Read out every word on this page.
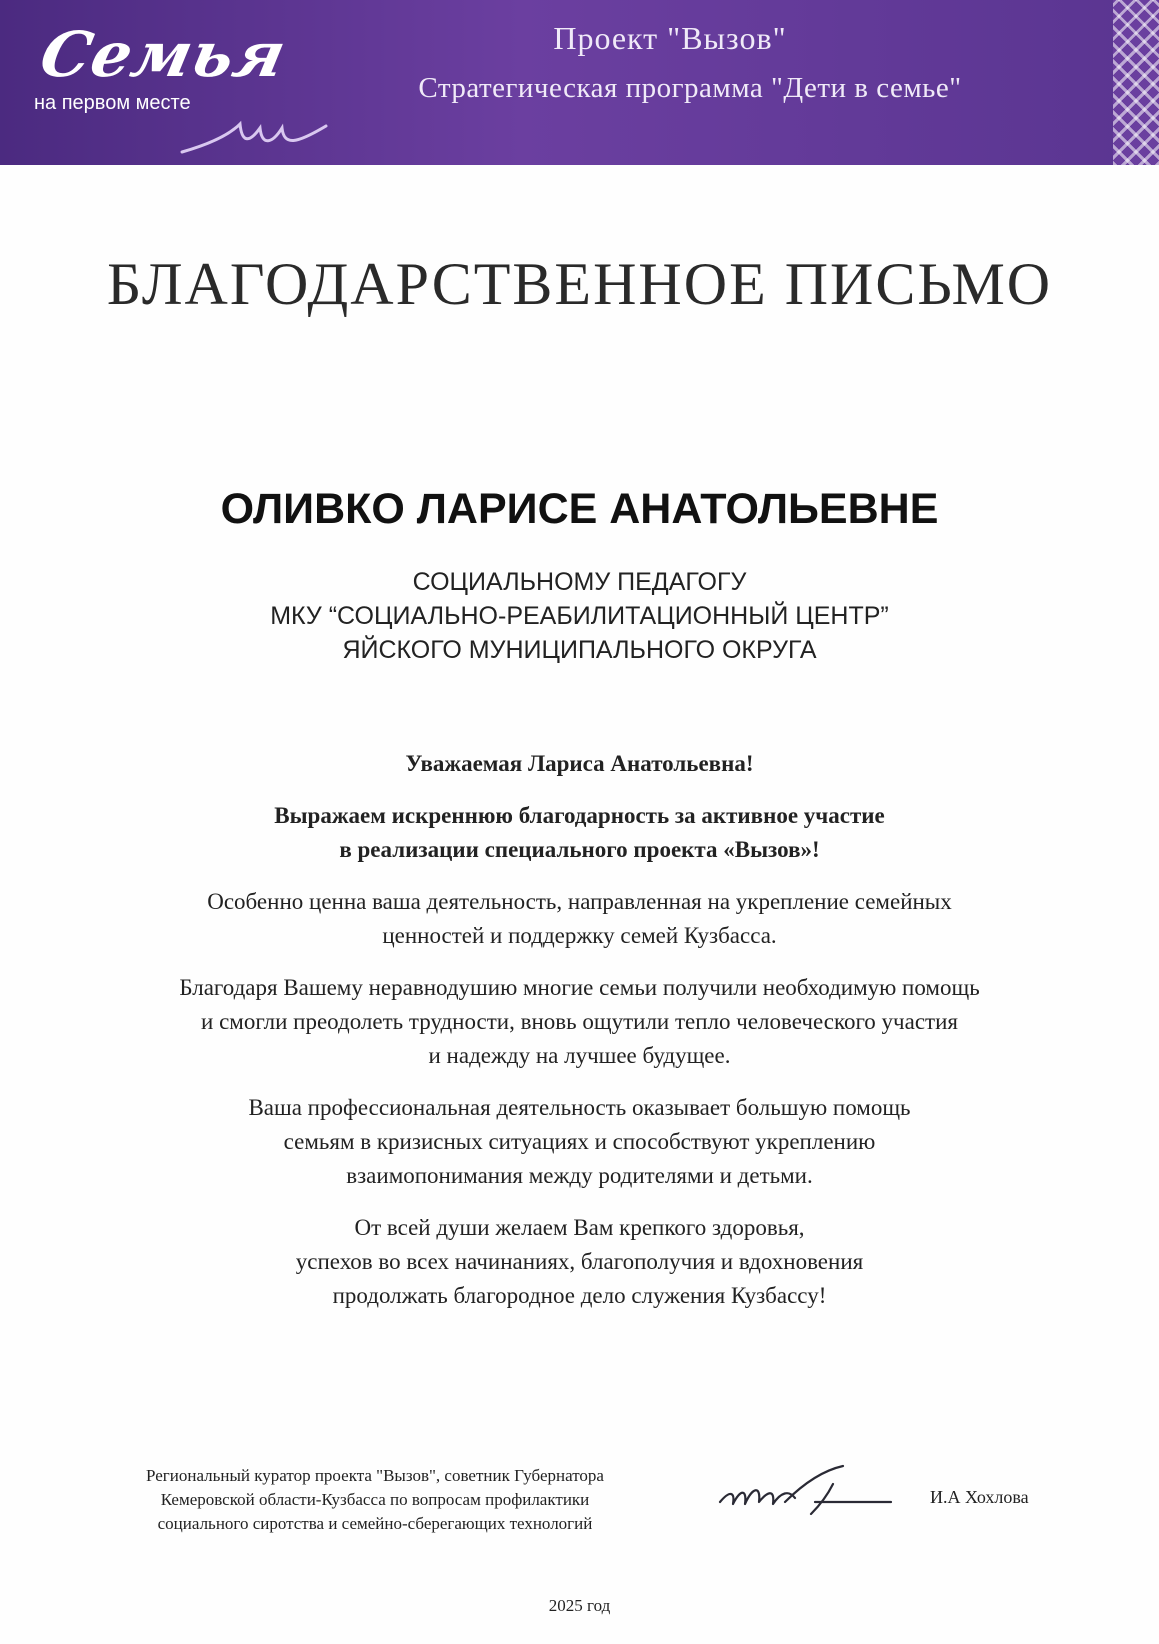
Семья
на первом месте
Проект "Вызов"
Стратегическая программа "Дети в семье"
БЛАГОДАРСТВЕННОЕ ПИСЬМО
ОЛИВКО ЛАРИСЕ АНАТОЛЬЕВНЕ
СОЦИАЛЬНОМУ ПЕДАГОГУ
МКУ “СОЦИАЛЬНО-РЕАБИЛИТАЦИОННЫЙ ЦЕНТР”
ЯЙСКОГО МУНИЦИПАЛЬНОГО ОКРУГА

Уважаемая Лариса Анатольевна!

Выражаем искреннюю благодарность за активное участие
в реализации специального проекта «Вызов»!

Особенно ценна ваша деятельность, направленная на укрепление семейных
ценностей и поддержку семей Кузбасса.

Благодаря Вашему неравнодушию многие семьи получили необходимую помощь
и смогли преодолеть трудности, вновь ощутили тепло человеческого участия
и надежду на лучшее будущее.

Ваша профессиональная деятельность оказывает большую помощь
семьям в кризисных ситуациях и способствуют укреплению
взаимопонимания между родителями и детьми.

От всей души желаем Вам крепкого здоровья,
успехов во всех начинаниях, благополучия и вдохновения
продолжать благородное дело служения Кузбассу!

Региональный куратор проекта "Вызов", советник Губернатора
Кемеровской области-Кузбасса по вопросам профилактики
социального сиротства и семейно-сберегающих технологий
И.А Хохлова
2025 год
